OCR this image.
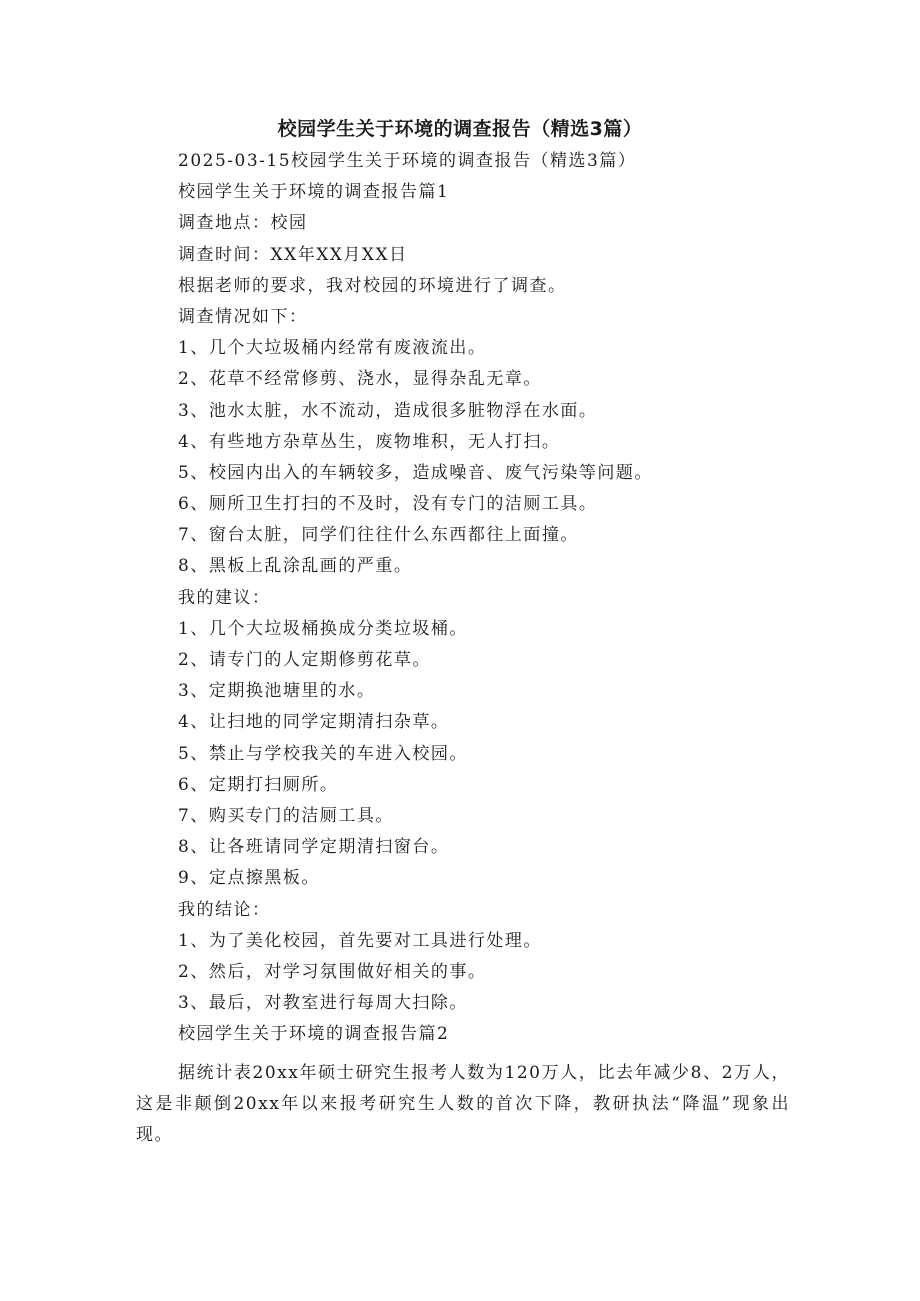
校园学生关于环境的调查报告（精选3篇）
2025-03-15校园学生关于环境的调查报告（精选3篇）
校园学生关于环境的调查报告篇1
调查地点：校园
调查时间：XX年XX月XX日
根据老师的要求，我对校园的环境进行了调查。
调查情况如下：
1、几个大垃圾桶内经常有废液流出。
2、花草不经常修剪、浇水，显得杂乱无章。
3、池水太脏，水不流动，造成很多脏物浮在水面。
4、有些地方杂草丛生，废物堆积，无人打扫。
5、校园内出入的车辆较多，造成噪音、废气污染等问题。
6、厕所卫生打扫的不及时，没有专门的洁厕工具。
7、窗台太脏，同学们往往什么东西都往上面撞。
8、黑板上乱涂乱画的严重。
我的建议：
1、几个大垃圾桶换成分类垃圾桶。
2、请专门的人定期修剪花草。
3、定期换池塘里的水。
4、让扫地的同学定期清扫杂草。
5、禁止与学校我关的车进入校园。
6、定期打扫厕所。
7、购买专门的洁厕工具。
8、让各班请同学定期清扫窗台。
9、定点擦黑板。
我的结论：
1、为了美化校园，首先要对工具进行处理。
2、然后，对学习氛围做好相关的事。
3、最后，对教室进行每周大扫除。
校园学生关于环境的调查报告篇2
据统计表20xx年硕士研究生报考人数为120万人，比去年减少8、2万人，这是非颠倒20xx年以来报考研究生人数的首次下降，教研执法“降温”现象出现。
